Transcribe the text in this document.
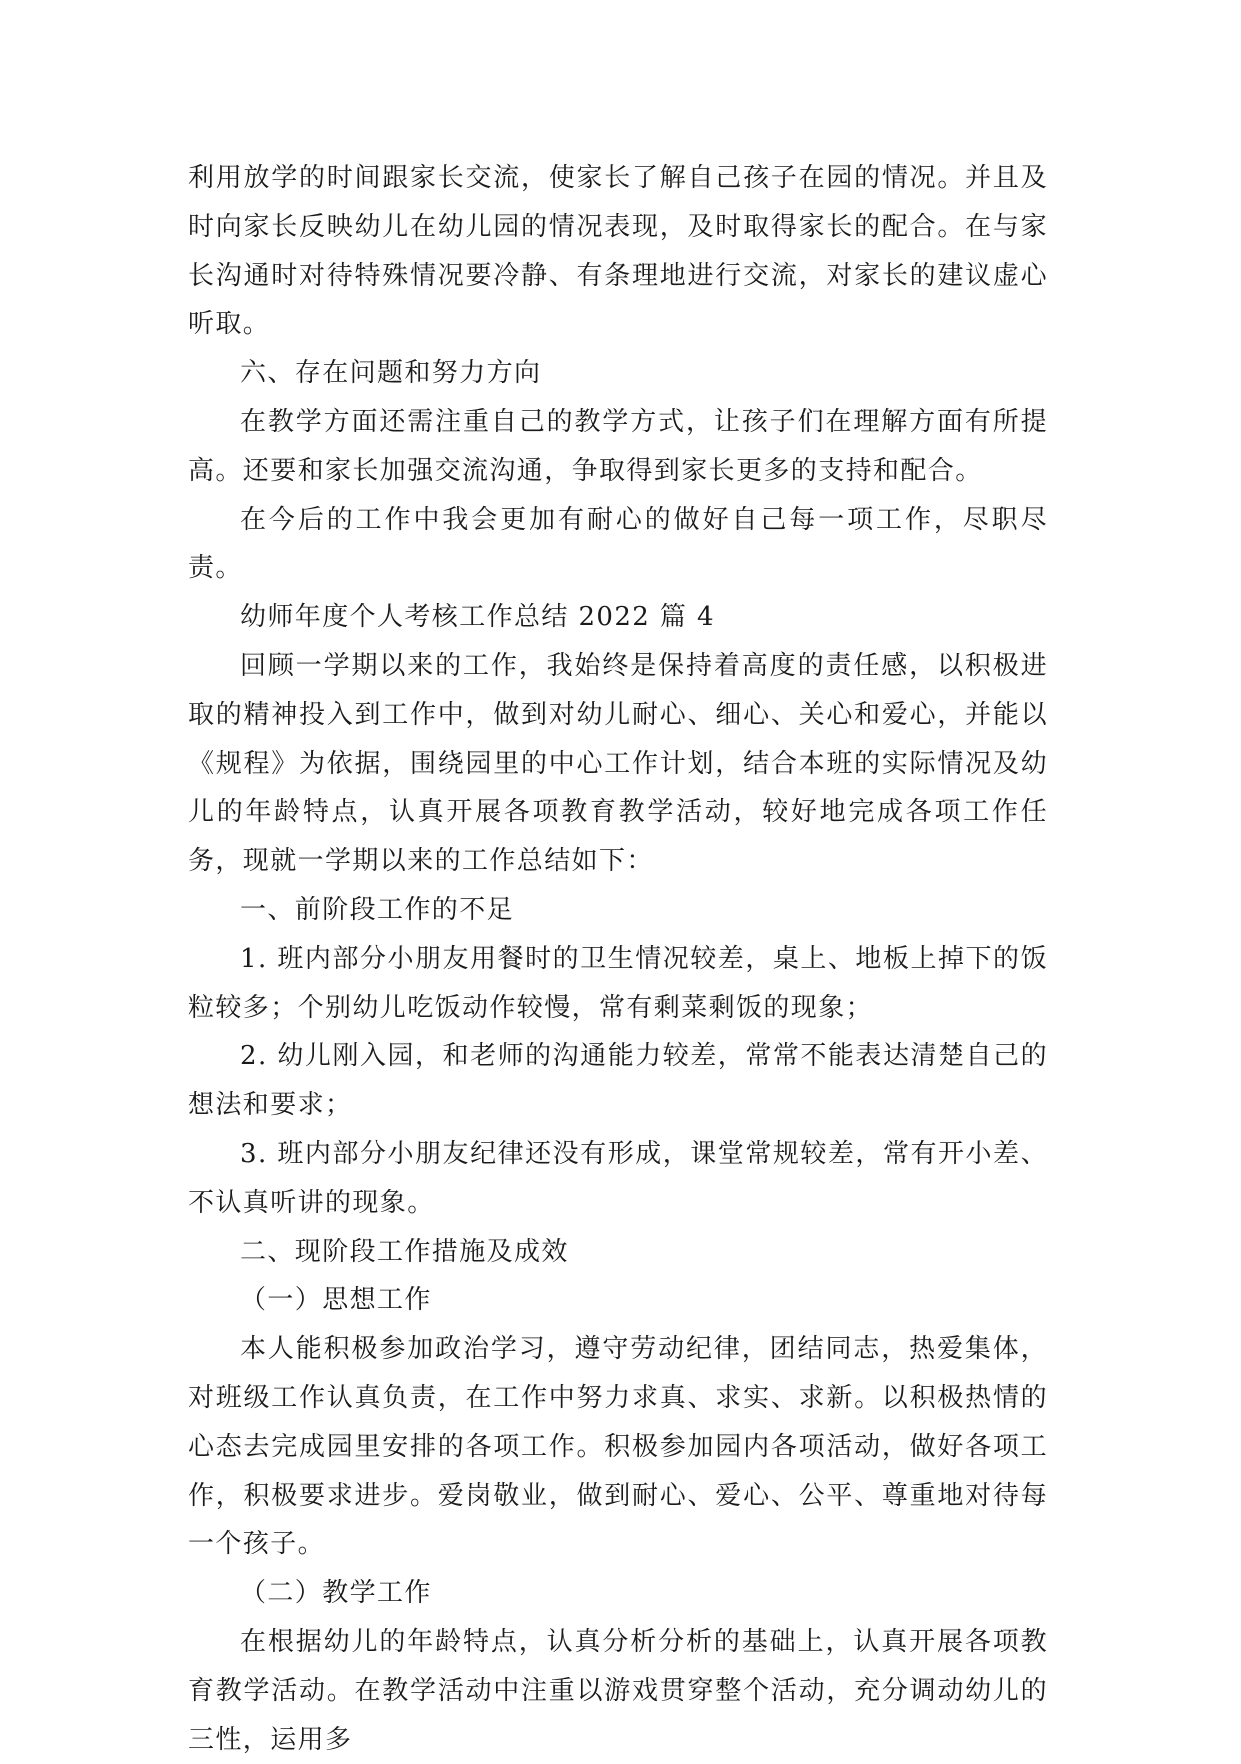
利用放学的时间跟家长交流，使家长了解自己孩子在园的情况。并且及时向家长反映幼儿在幼儿园的情况表现，及时取得家长的配合。在与家长沟通时对待特殊情况要冷静、有条理地进行交流，对家长的建议虚心听取。

六、存在问题和努力方向

在教学方面还需注重自己的教学方式，让孩子们在理解方面有所提高。还要和家长加强交流沟通，争取得到家长更多的支持和配合。

在今后的工作中我会更加有耐心的做好自己每一项工作，尽职尽责。

幼师年度个人考核工作总结 2022 篇 4

回顾一学期以来的工作，我始终是保持着高度的责任感，以积极进取的精神投入到工作中，做到对幼儿耐心、细心、关心和爱心，并能以《规程》为依据，围绕园里的中心工作计划，结合本班的实际情况及幼儿的年龄特点，认真开展各项教育教学活动，较好地完成各项工作任务，现就一学期以来的工作总结如下：

一、前阶段工作的不足

1. 班内部分小朋友用餐时的卫生情况较差，桌上、地板上掉下的饭粒较多；个别幼儿吃饭动作较慢，常有剩菜剩饭的现象；

2. 幼儿刚入园，和老师的沟通能力较差，常常不能表达清楚自己的想法和要求；

3. 班内部分小朋友纪律还没有形成，课堂常规较差，常有开小差、不认真听讲的现象。

二、现阶段工作措施及成效

（一）思想工作

本人能积极参加政治学习，遵守劳动纪律，团结同志，热爱集体，对班级工作认真负责，在工作中努力求真、求实、求新。以积极热情的心态去完成园里安排的各项工作。积极参加园内各项活动，做好各项工作，积极要求进步。爱岗敬业，做到耐心、爱心、公平、尊重地对待每一个孩子。

（二）教学工作

在根据幼儿的年龄特点，认真分析分析的基础上，认真开展各项教育教学活动。在教学活动中注重以游戏贯穿整个活动，充分调动幼儿的三性，运用多
